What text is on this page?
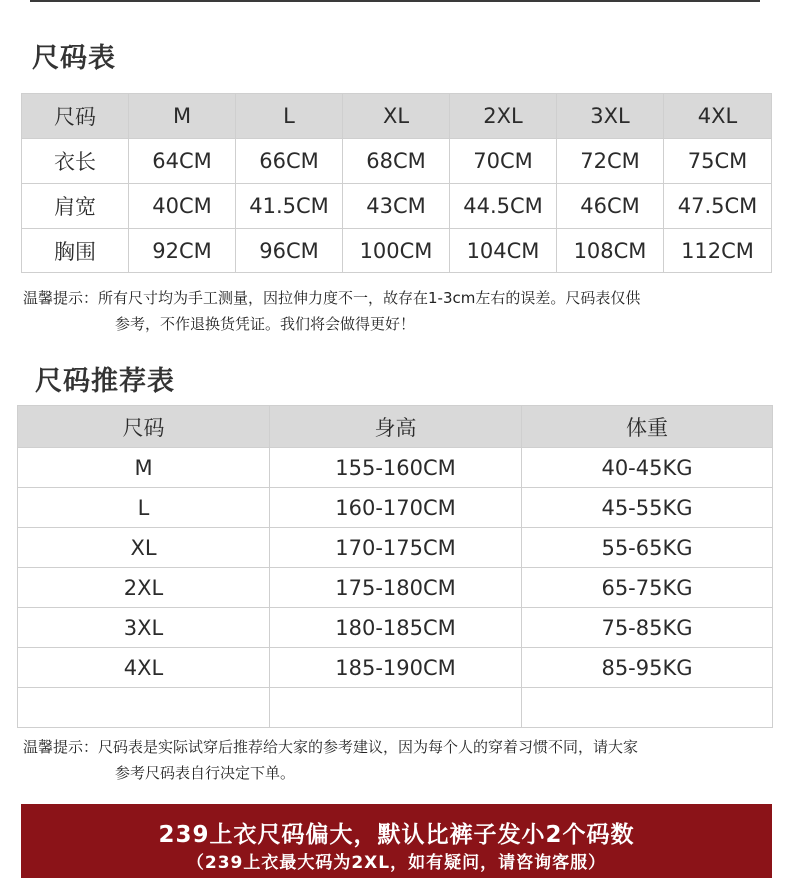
尺码表
尺码	M	L	XL	2XL	3XL	4XL
衣长	64CM	66CM	68CM	70CM	72CM	75CM
肩宽	40CM	41.5CM	43CM	44.5CM	46CM	47.5CM
胸围	92CM	96CM	100CM	104CM	108CM	112CM
温馨提示：所有尺寸均为手工测量，因拉伸力度不一，故存在1-3cm左右的误差。尺码表仅供
参考，不作退换货凭证。我们将会做得更好！
尺码推荐表
尺码	身高	体重
M	155-160CM	40-45KG
L	160-170CM	45-55KG
XL	170-175CM	55-65KG
2XL	175-180CM	65-75KG
3XL	180-185CM	75-85KG
4XL	185-190CM	85-95KG

温馨提示：尺码表是实际试穿后推荐给大家的参考建议，因为每个人的穿着习惯不同，请大家
参考尺码表自行决定下单。
239上衣尺码偏大，默认比裤子发小2个码数
（239上衣最大码为2XL，如有疑问，请咨询客服）
